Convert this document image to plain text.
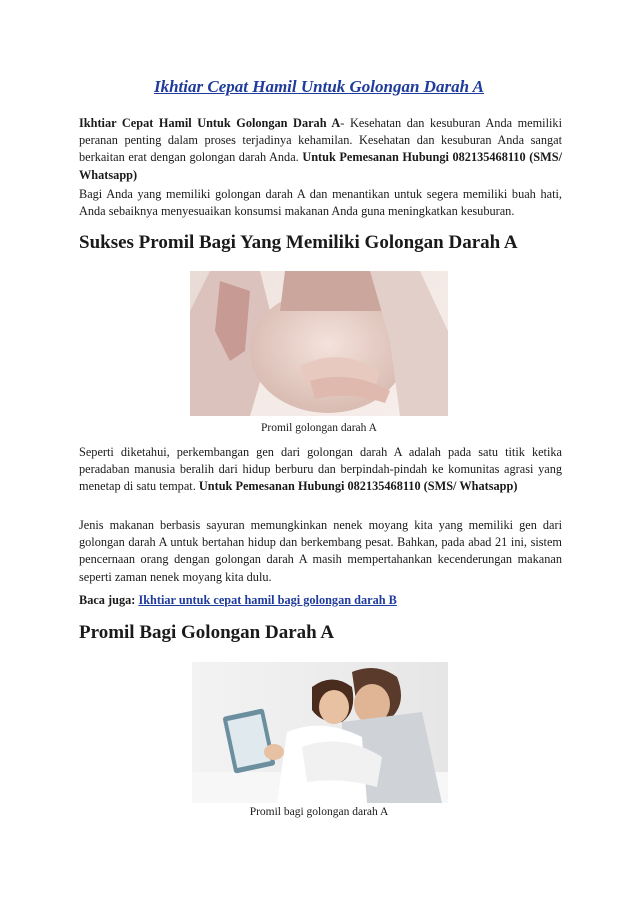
Ikhtiar Cepat Hamil Untuk Golongan Darah A

Ikhtiar Cepat Hamil Untuk Golongan Darah A- Kesehatan dan kesuburan Anda memiliki peranan penting dalam proses terjadinya kehamilan. Kesehatan dan kesuburan Anda sangat berkaitan erat dengan golongan darah Anda. Untuk Pemesanan Hubungi 082135468110 (SMS/ Whatsapp)

Bagi Anda yang memiliki golongan darah A dan menantikan untuk segera memiliki buah hati, Anda sebaiknya menyesuaikan konsumsi makanan Anda guna meningkatkan kesuburan.

Sukses Promil Bagi Yang Memiliki Golongan Darah A
Promil golongan darah A

Seperti diketahui, perkembangan gen dari golongan darah A adalah pada satu titik ketika peradaban manusia beralih dari hidup berburu dan berpindah-pindah ke komunitas agrasi yang menetap di satu tempat. Untuk Pemesanan Hubungi 082135468110 (SMS/ Whatsapp)

Jenis makanan berbasis sayuran memungkinkan nenek moyang kita yang memiliki gen dari golongan darah A untuk bertahan hidup dan berkembang pesat. Bahkan, pada abad 21 ini, sistem pencernaan orang dengan golongan darah A masih mempertahankan kecenderungan makanan seperti zaman nenek moyang kita dulu.

Baca juga: Ikhtiar untuk cepat hamil bagi golongan darah B

Promil Bagi Golongan Darah A
Promil bagi golongan darah A
